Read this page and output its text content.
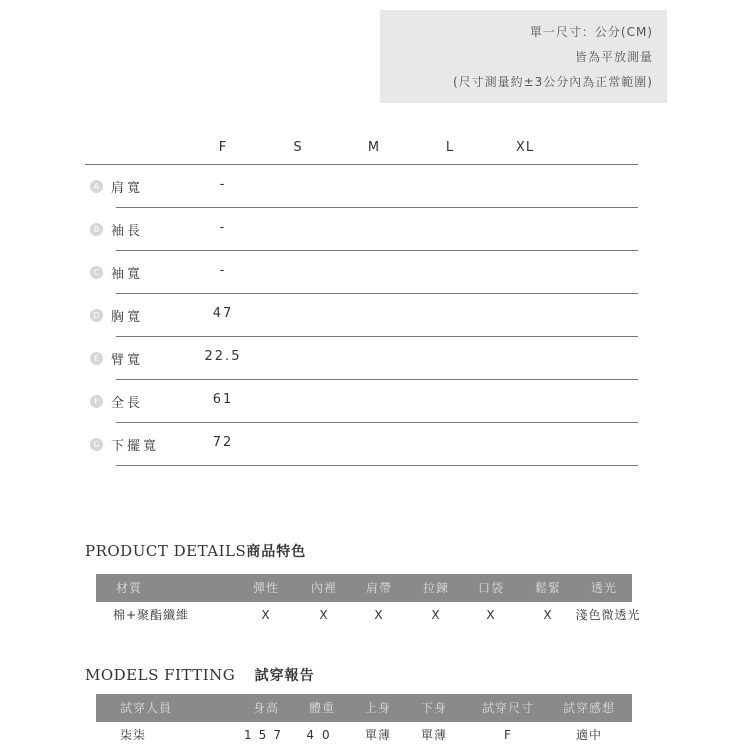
單一尺寸：公分(CM)
皆為平放測量
(尺寸測量約±3公分內為正常範圍)
F	S	M	L	XL
A 肩寬	-
B 袖長	-
C 袖寬	-
D 胸寬	47
E 臂寬	22.5
F 全長	61
G 下擺寬	72
PRODUCT DETAILS商品特色
材質	彈性	內裡	肩帶	拉鍊	口袋	鬆緊	透光
棉+聚酯纖維	X	X	X	X	X	X	淺色微透光
MODELS FITTING 試穿報告
試穿人員	身高	體重	上身	下身	試穿尺寸	試穿感想
柒柒	157	40	單薄	單薄	F	適中
